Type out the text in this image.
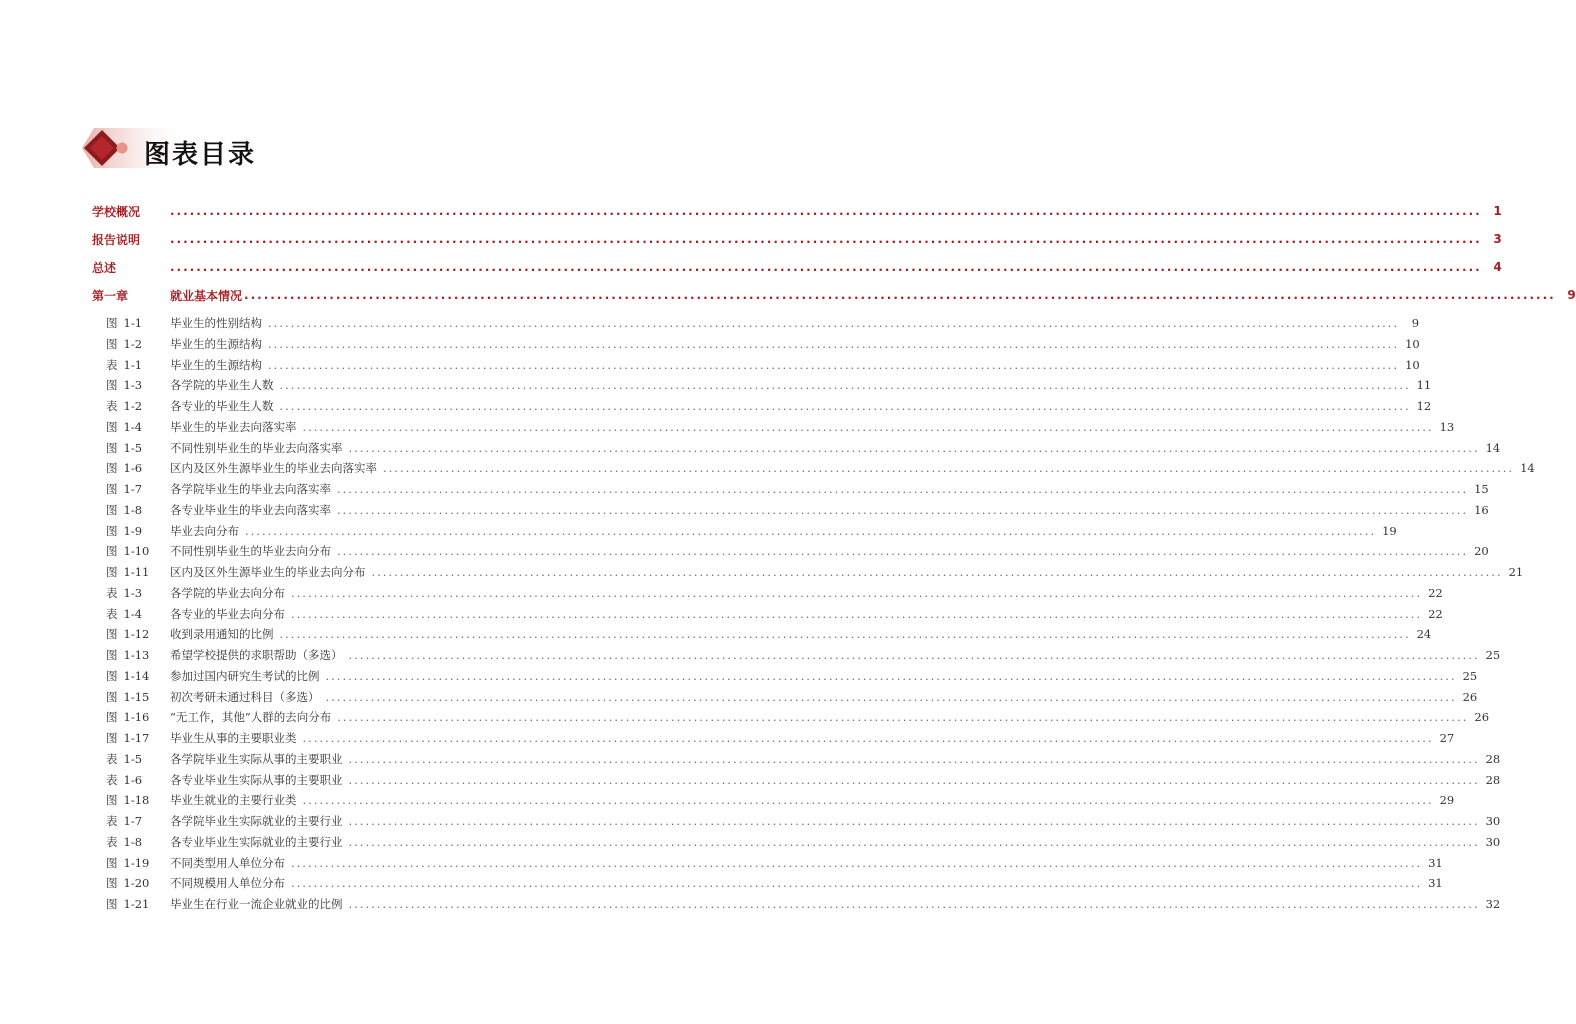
图表目录
学校概况	........................................................................................................................................................................................................ 1
报告说明	........................................................................................................................................................................................................ 3
总述	........................................................................................................................................................................................................ 4
第一章	就业基本情况 ........................................................................................................................................................................................................ 9
图 1-1	毕业生的性别结构 ........................................................................................................................................................................................................	9
图 1-2	毕业生的生源结构 ........................................................................................................................................................................................................ 10
表 1-1	毕业生的生源结构 ........................................................................................................................................................................................................ 10
图 1-3	各学院的毕业生人数 ........................................................................................................................................................................................................ 11
表 1-2	各专业的毕业生人数 ........................................................................................................................................................................................................ 12
图 1-4	毕业生的毕业去向落实率 ........................................................................................................................................................................................................ 13
图 1-5	不同性别毕业生的毕业去向落实率 ........................................................................................................................................................................................................ 14
图 1-6	区内及区外生源毕业生的毕业去向落实率 ........................................................................................................................................................................................................ 14
图 1-7	各学院毕业生的毕业去向落实率 ........................................................................................................................................................................................................ 15
图 1-8	各专业毕业生的毕业去向落实率 ........................................................................................................................................................................................................ 16
图 1-9	毕业去向分布 ........................................................................................................................................................................................................ 19
图 1-10 不同性别毕业生的毕业去向分布 ........................................................................................................................................................................................................ 20
图 1-11 区内及区外生源毕业生的毕业去向分布 ........................................................................................................................................................................................................ 21
表 1-3	各学院的毕业去向分布 ........................................................................................................................................................................................................ 22
表 1-4	各专业的毕业去向分布 ........................................................................................................................................................................................................ 22
图 1-12 收到录用通知的比例 ........................................................................................................................................................................................................ 24
图 1-13 希望学校提供的求职帮助（多选） ........................................................................................................................................................................................................ 25
图 1-14 参加过国内研究生考试的比例 ........................................................................................................................................................................................................ 25
图 1-15 初次考研未通过科目（多选） ........................................................................................................................................................................................................ 26
图 1-16 “无工作，其他”人群的去向分布 ........................................................................................................................................................................................................ 26
图 1-17 毕业生从事的主要职业类 ........................................................................................................................................................................................................ 27
表 1-5	各学院毕业生实际从事的主要职业 ........................................................................................................................................................................................................ 28
表 1-6	各专业毕业生实际从事的主要职业 ........................................................................................................................................................................................................ 28
图 1-18 毕业生就业的主要行业类 ........................................................................................................................................................................................................ 29
表 1-7	各学院毕业生实际就业的主要行业 ........................................................................................................................................................................................................ 30
表 1-8	各专业毕业生实际就业的主要行业 ........................................................................................................................................................................................................ 30
图 1-19 不同类型用人单位分布 ........................................................................................................................................................................................................ 31
图 1-20 不同规模用人单位分布 ........................................................................................................................................................................................................ 31
图 1-21 毕业生在行业一流企业就业的比例 ........................................................................................................................................................................................................ 32
